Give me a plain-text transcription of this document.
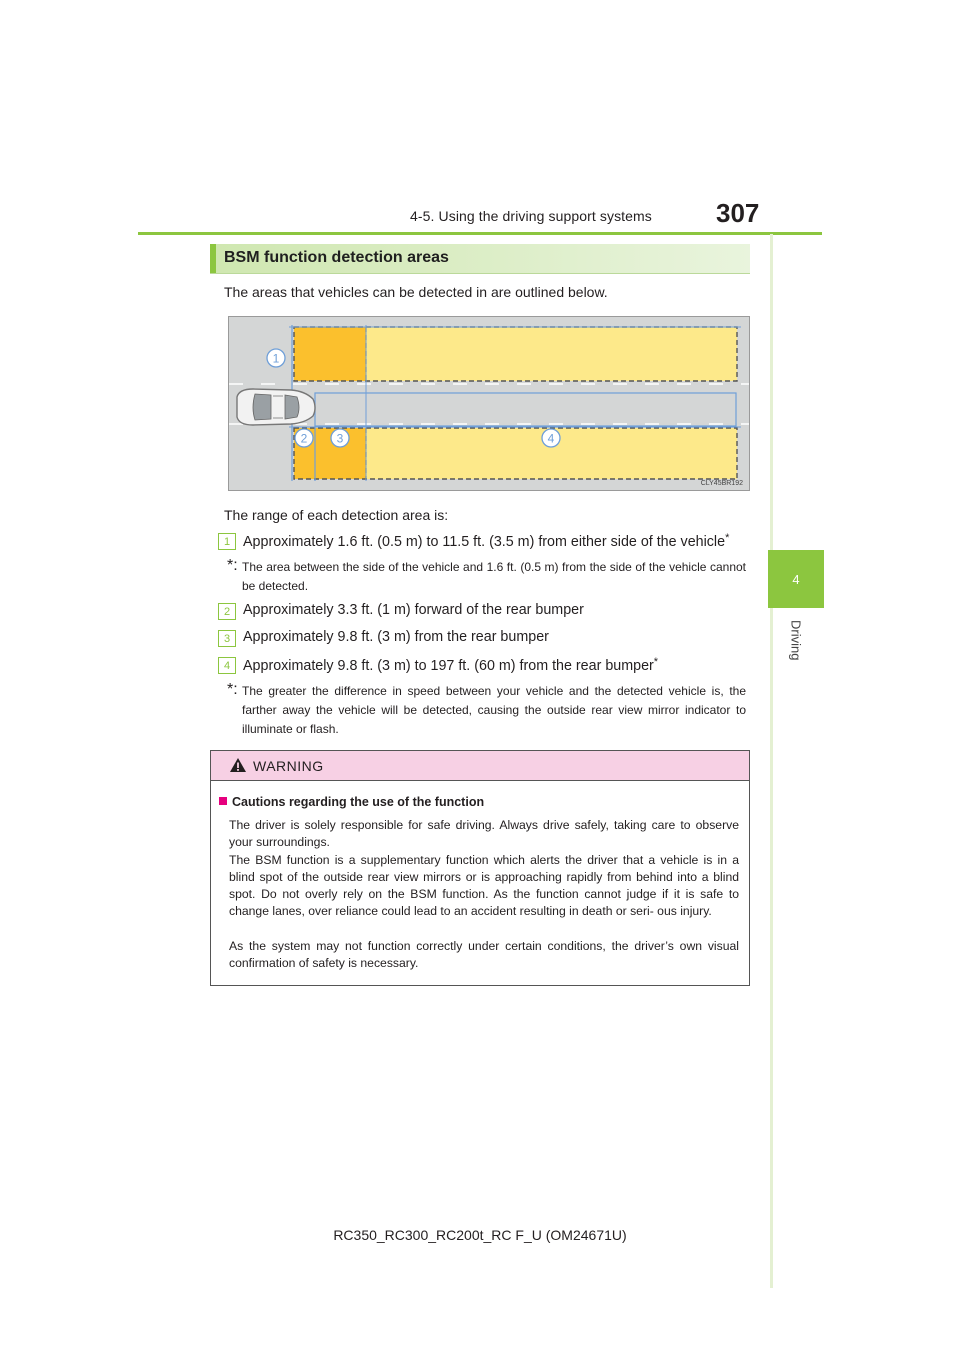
4-5. Using the driving support systems 307
4
Driving
BSM function detection areas
The areas that vehicles can be detected in are outlined below.
1
2 3	4
CLY45BR192
The range of each detection area is:
1 Approximately 1.6 ft. (0.5 m) to 11.5 ft. (3.5 m) from either side of the vehicle*
*: The area between the side of the vehicle and 1.6 ft. (0.5 m) from the side of the vehicle cannot be detected.
2 Approximately 3.3 ft. (1 m) forward of the rear bumper
3 Approximately 9.8 ft. (3 m) from the rear bumper
4 Approximately 9.8 ft. (3 m) to 197 ft. (60 m) from the rear bumper*
*: The greater the difference in speed between your vehicle and the detected vehicle is, the farther away the vehicle will be detected, causing the outside rear view mirror indicator to illuminate or flash.
WARNING
Cautions regarding the use of the function
The driver is solely responsible for safe driving. Always drive safely, taking care to observe your surroundings.
The BSM function is a supplementary function which alerts the driver that a vehicle is in a blind spot of the outside rear view mirrors or is approaching rapidly from behind into a blind spot. Do not overly rely on the BSM function. As the function cannot judge if it is safe to change lanes, over reliance could lead to an accident resulting in death or seri- ous injury.
As the system may not function correctly under certain conditions, the driver’s own visual confirmation of safety is necessary.
RC350_RC300_RC200t_RC F_U (OM24671U)
